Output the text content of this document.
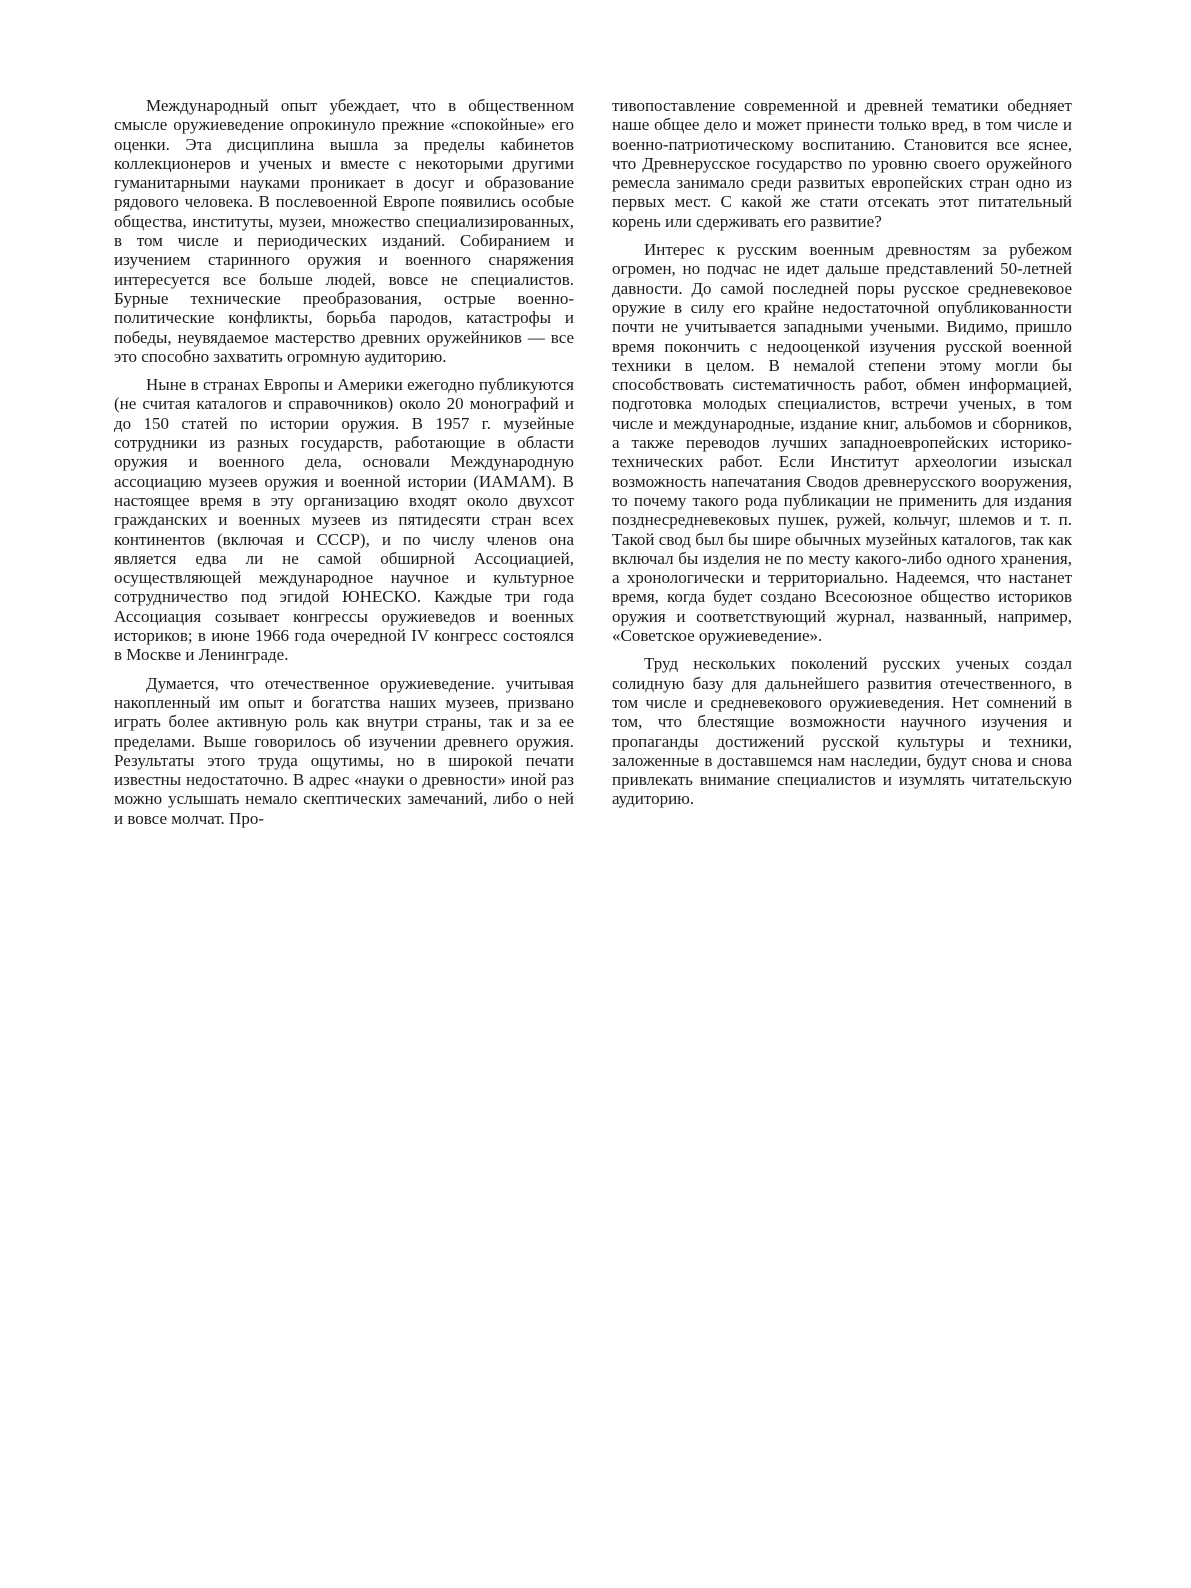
Международный опыт убеждает, что в общественном смысле оружиеведение опрокинуло прежние «спокойные» его оценки. Эта дисциплина вышла за пределы кабинетов коллекционеров и ученых и вместе с некоторыми другими гуманитарными науками проникает в досуг и образование рядового человека. В послевоенной Европе появились особые общества, институты, музеи, множество специализированных, в том числе и периодических изданий. Собиранием и изучением старинного оружия и военного снаряжения интересуется все больше людей, вовсе не специалистов. Бурные технические преобразования, острые военно-политические конфликты, борьба пародов, катастрофы и победы, неувядаемое мастерство древних оружейников — все это способно захватить огромную аудиторию.

Ныне в странах Европы и Америки ежегодно публикуются (не считая каталогов и справочников) около 20 монографий и до 150 статей по истории оружия. В 1957 г. музейные сотрудники из разных государств, работающие в области оружия и военного дела, основали Международную ассоциацию музеев оружия и военной истории (ИАМАМ). В настоящее время в эту организацию входят около двухсот гражданских и военных музеев из пятидесяти стран всех континентов (включая и СССР), и по числу членов она является едва ли не самой обширной Ассоциацией, осуществляющей международное научное и культурное сотрудничество под эгидой ЮНЕСКО. Каждые три года Ассоциация созывает конгрессы оружиеведов и военных историков; в июне 1966 года очередной IV конгресс состоялся в Москве и Ленинграде.

Думается, что отечественное оружиеведение. учитывая накопленный им опыт и богатства наших музеев, призвано играть более активную роль как внутри страны, так и за ее пределами. Выше говорилось об изучении древнего оружия. Результаты этого труда ощутимы, но в широкой печати известны недостаточно. В адрес «науки о древности» иной раз можно услышать немало скептических замечаний, либо о ней и вовсе молчат. Про-

тивопоставление современной и древней тематики обедняет наше общее дело и может принести только вред, в том числе и военно-патриотическому воспитанию. Становится все яснее, что Древнерусское государство по уровню своего оружейного ремесла занимало среди развитых европейских стран одно из первых мест. С какой же стати отсекать этот питательный корень или сдерживать его развитие?

Интерес к русским военным древностям за рубежом огромен, но подчас не идет дальше представлений 50-летней давности. До самой последней поры русское средневековое оружие в силу его крайне недостаточной опубликованности почти не учитывается западными учеными. Видимо, пришло время покончить с недооценкой изучения русской военной техники в целом. В немалой степени этому могли бы способствовать систематичность работ, обмен информацией, подготовка молодых специалистов, встречи ученых, в том числе и международные, издание книг, альбомов и сборников, а также переводов лучших западноевропейских историко-технических работ. Если Институт археологии изыскал возможность напечатания Сводов древнерусского вооружения, то почему такого рода публикации не применить для издания позднесредневековых пушек, ружей, кольчуг, шлемов и т. п. Такой свод был бы шире обычных музейных каталогов, так как включал бы изделия не по месту какого-либо одного хранения, а хронологически и территориально. Надеемся, что настанет время, когда будет создано Всесоюзное общество историков оружия и соответствующий журнал, названный, например, «Советское оружиеведение».

Труд нескольких поколений русских ученых создал солидную базу для дальнейшего развития отечественного, в том числе и средневекового оружиеведения. Нет сомнений в том, что блестящие возможности научного изучения и пропаганды достижений русской культуры и техники, заложенные в доставшемся нам наследии, будут снова и снова привлекать внимание специалистов и изумлять читательскую аудиторию.
